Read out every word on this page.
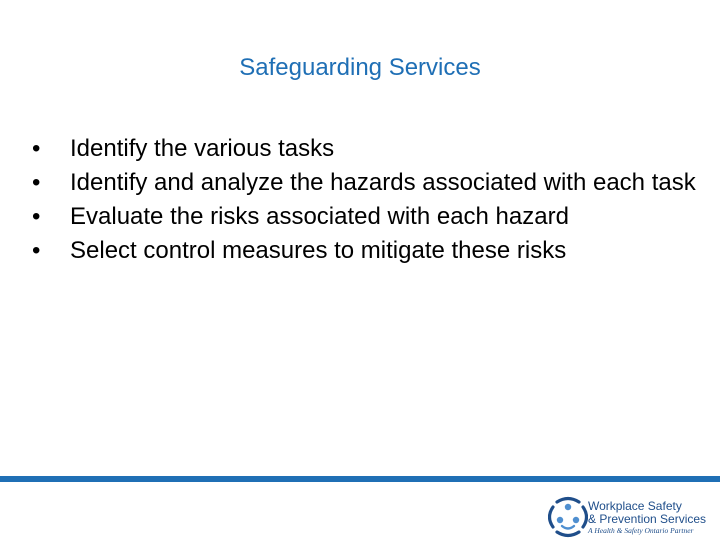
Safeguarding Services
•	Identify the various tasks
•	Identify and analyze the hazards associated with each task
•	Evaluate the risks associated with each hazard
•	Select control measures to mitigate these risks
Workplace Safety
& Prevention Services
A Health & Safety Ontario Partner
